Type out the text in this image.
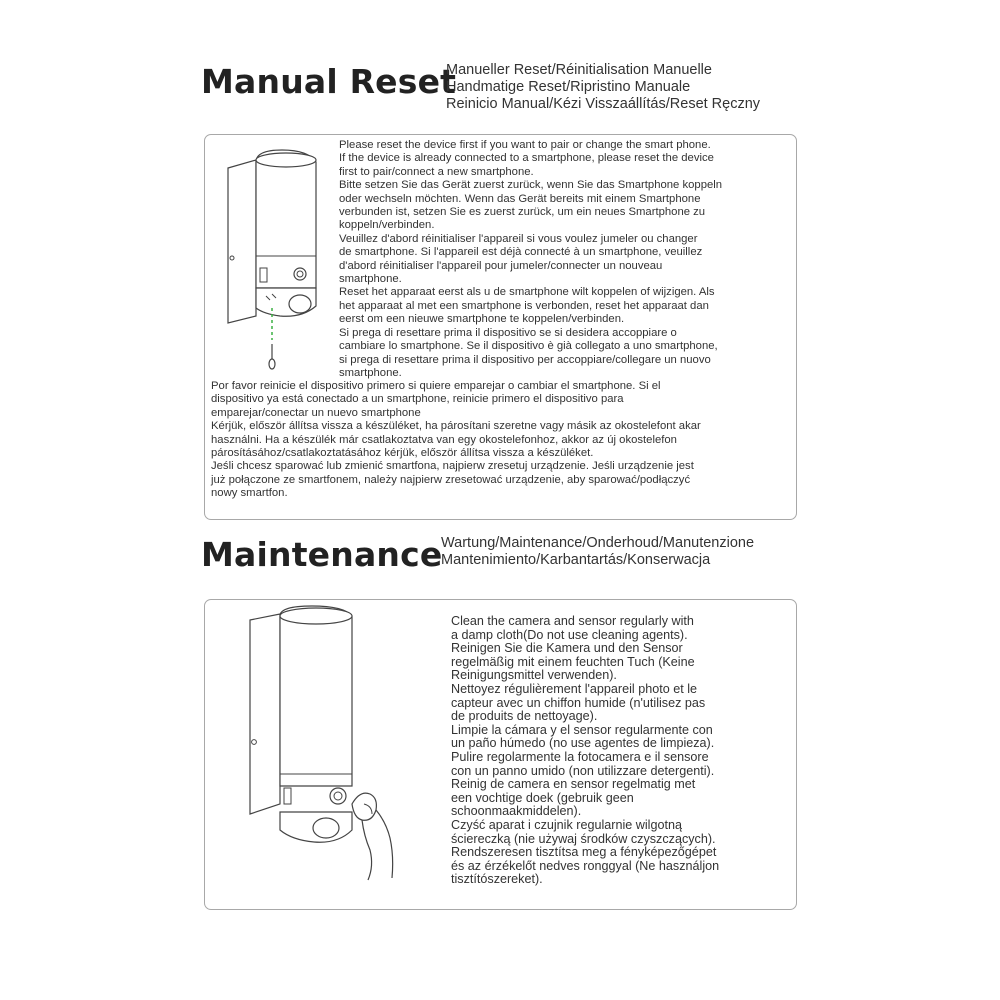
Manual Reset
Manueller Reset/Réinitialisation Manuelle
Handmatige Reset/Ripristino Manuale
Reinicio Manual/Kézi Visszaállítás/Reset Ręczny
Please reset the device first if you want to pair or change the smart phone.
If the device is already connected to a smartphone, please reset the device
first to pair/connect a new smartphone.
Bitte setzen Sie das Gerät zuerst zurück, wenn Sie das Smartphone koppeln
oder wechseln möchten. Wenn das Gerät bereits mit einem Smartphone
verbunden ist, setzen Sie es zuerst zurück, um ein neues Smartphone zu
koppeln/verbinden.
Veuillez d'abord réinitialiser l'appareil si vous voulez jumeler ou changer
de smartphone. Si l'appareil est déjà connecté à un smartphone, veuillez
d'abord réinitialiser l'appareil pour jumeler/connecter un nouveau
smartphone.
Reset het apparaat eerst als u de smartphone wilt koppelen of wijzigen. Als
het apparaat al met een smartphone is verbonden, reset het apparaat dan
eerst om een nieuwe smartphone te koppelen/verbinden.
Si prega di resettare prima il dispositivo se si desidera accoppiare o
cambiare lo smartphone. Se il dispositivo è già collegato a uno smartphone,
si prega di resettare prima il dispositivo per accoppiare/collegare un nuovo
smartphone.
Por favor reinicie el dispositivo primero si quiere emparejar o cambiar el smartphone. Si el
dispositivo ya está conectado a un smartphone, reinicie primero el dispositivo para
emparejar/conectar un nuevo smartphone
Kérjük, először állítsa vissza a készüléket, ha párosítani szeretne vagy másik az okostelefont akar
használni. Ha a készülék már csatlakoztatva van egy okostelefonhoz, akkor az új okostelefon
párosításához/csatlakoztatásához kérjük, először állítsa vissza a készüléket.
Jeśli chcesz sparować lub zmienić smartfona, najpierw zresetuj urządzenie. Jeśli urządzenie jest
już połączone ze smartfonem, należy najpierw zresetować urządzenie, aby sparować/podłączyć
nowy smartfon.
Maintenance
Wartung/Maintenance/Onderhoud/Manutenzione
Mantenimiento/Karbantartás/Konserwacja
Clean the camera and sensor regularly with
a damp cloth(Do not use cleaning agents).
Reinigen Sie die Kamera und den Sensor
regelmäßig mit einem feuchten Tuch (Keine
Reinigungsmittel verwenden).
Nettoyez régulièrement l'appareil photo et le
capteur avec un chiffon humide (n'utilisez pas
de produits de nettoyage).
Limpie la cámara y el sensor regularmente con
un paño húmedo (no use agentes de limpieza).
Pulire regolarmente la fotocamera e il sensore
con un panno umido (non utilizzare detergenti).
Reinig de camera en sensor regelmatig met
een vochtige doek (gebruik geen
schoonmaakmiddelen).
Czyść aparat i czujnik regularnie wilgotną
ściereczką (nie używaj środków czyszczących).
Rendszeresen tisztítsa meg a fényképezőgépet
és az érzékelőt nedves ronggyal (Ne használjon
tisztítószereket).
